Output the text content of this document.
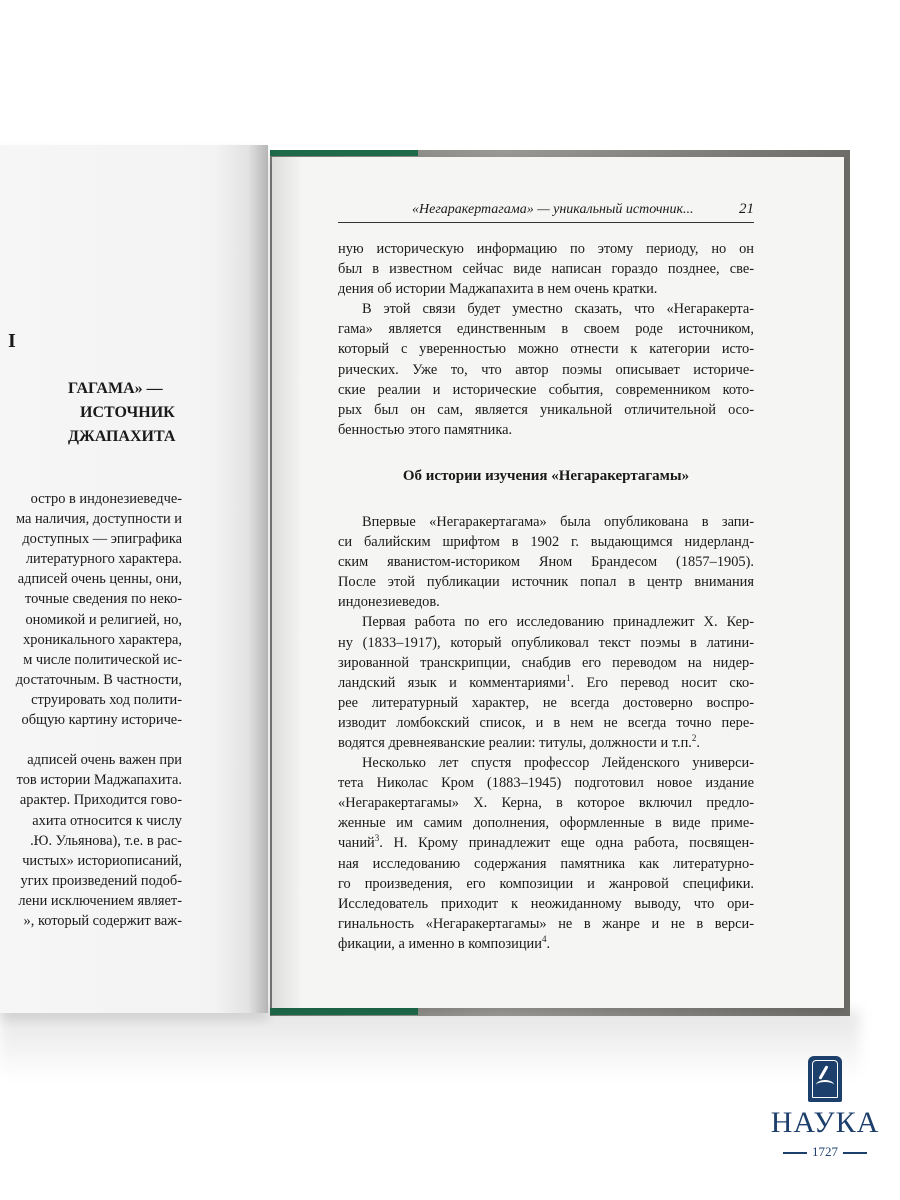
I
ГАГАМА» —
ИСТОЧНИК
ДЖАПАХИТА
остро в индонезиеведче-
ма наличия, доступности и
доступных — эпиграфика
литературного характера.
адписей очень ценны, они,
точные сведения по неко-
ономикой и религией, но,
хроникального характера,
м числе политической ис-
достаточным. В частности,
струировать ход полити-
общую картину историче-
адписей очень важен при
тов истории Маджапахита.
арактер. Приходится гово-
ахита относится к числу
.Ю. Ульянова), т.е. в рас-
чистых» историописаний,
угих произведений подоб-
лени исключением являет-
», который содержит важ-
«Негаракертагама» — уникальный источник...	21

ную историческую информацию по этому периоду, но он
был в известном сейчас виде написан гораздо позднее, све-
дения об истории Маджапахита в нем очень кратки.

В этой связи будет уместно сказать, что «Негаракерта-
гама» является единственным в своем роде источником,
который с уверенностью можно отнести к категории исто-
рических. Уже то, что автор поэмы описывает историче-
ские реалии и исторические события, современником кото-
рых был он сам, является уникальной отличительной осо-
бенностью этого памятника.

Об истории изучения «Негаракертагамы»

Впервые «Негаракертагама» была опубликована в запи-
си балийским шрифтом в 1902 г. выдающимся нидерланд-
ским яванистом-историком Яном Брандесом (1857–1905).
После этой публикации источник попал в центр внимания
индонезиеведов.

Первая работа по его исследованию принадлежит Х. Кер-
ну (1833–1917), который опубликовал текст поэмы в латини-
зированной транскрипции, снабдив его переводом на нидер-
ландский язык и комментариями$^1$. Его перевод носит ско-
рее литературный характер, не всегда достоверно воспро-
изводит ломбокский список, и в нем не всегда точно пере-
водятся древнеяванские реалии: титулы, должности и т.п.$^2$.

Несколько лет спустя профессор Лейденского универси-
тета Николас Кром (1883–1945) подготовил новое издание
«Негаракертагамы» Х. Керна, в которое включил предло-
женные им самим дополнения, оформленные в виде приме-
чаний$^3$. Н. Крому принадлежит еще одна работа, посвящен-
ная исследованию содержания памятника как литературно-
го произведения, его композиции и жанровой специфики.
Исследователь приходит к неожиданному выводу, что ори-
гинальность «Негаракертагамы» не в жанре и не в верси-
фикации, а именно в композиции$^4$.

НАУКА
1727
